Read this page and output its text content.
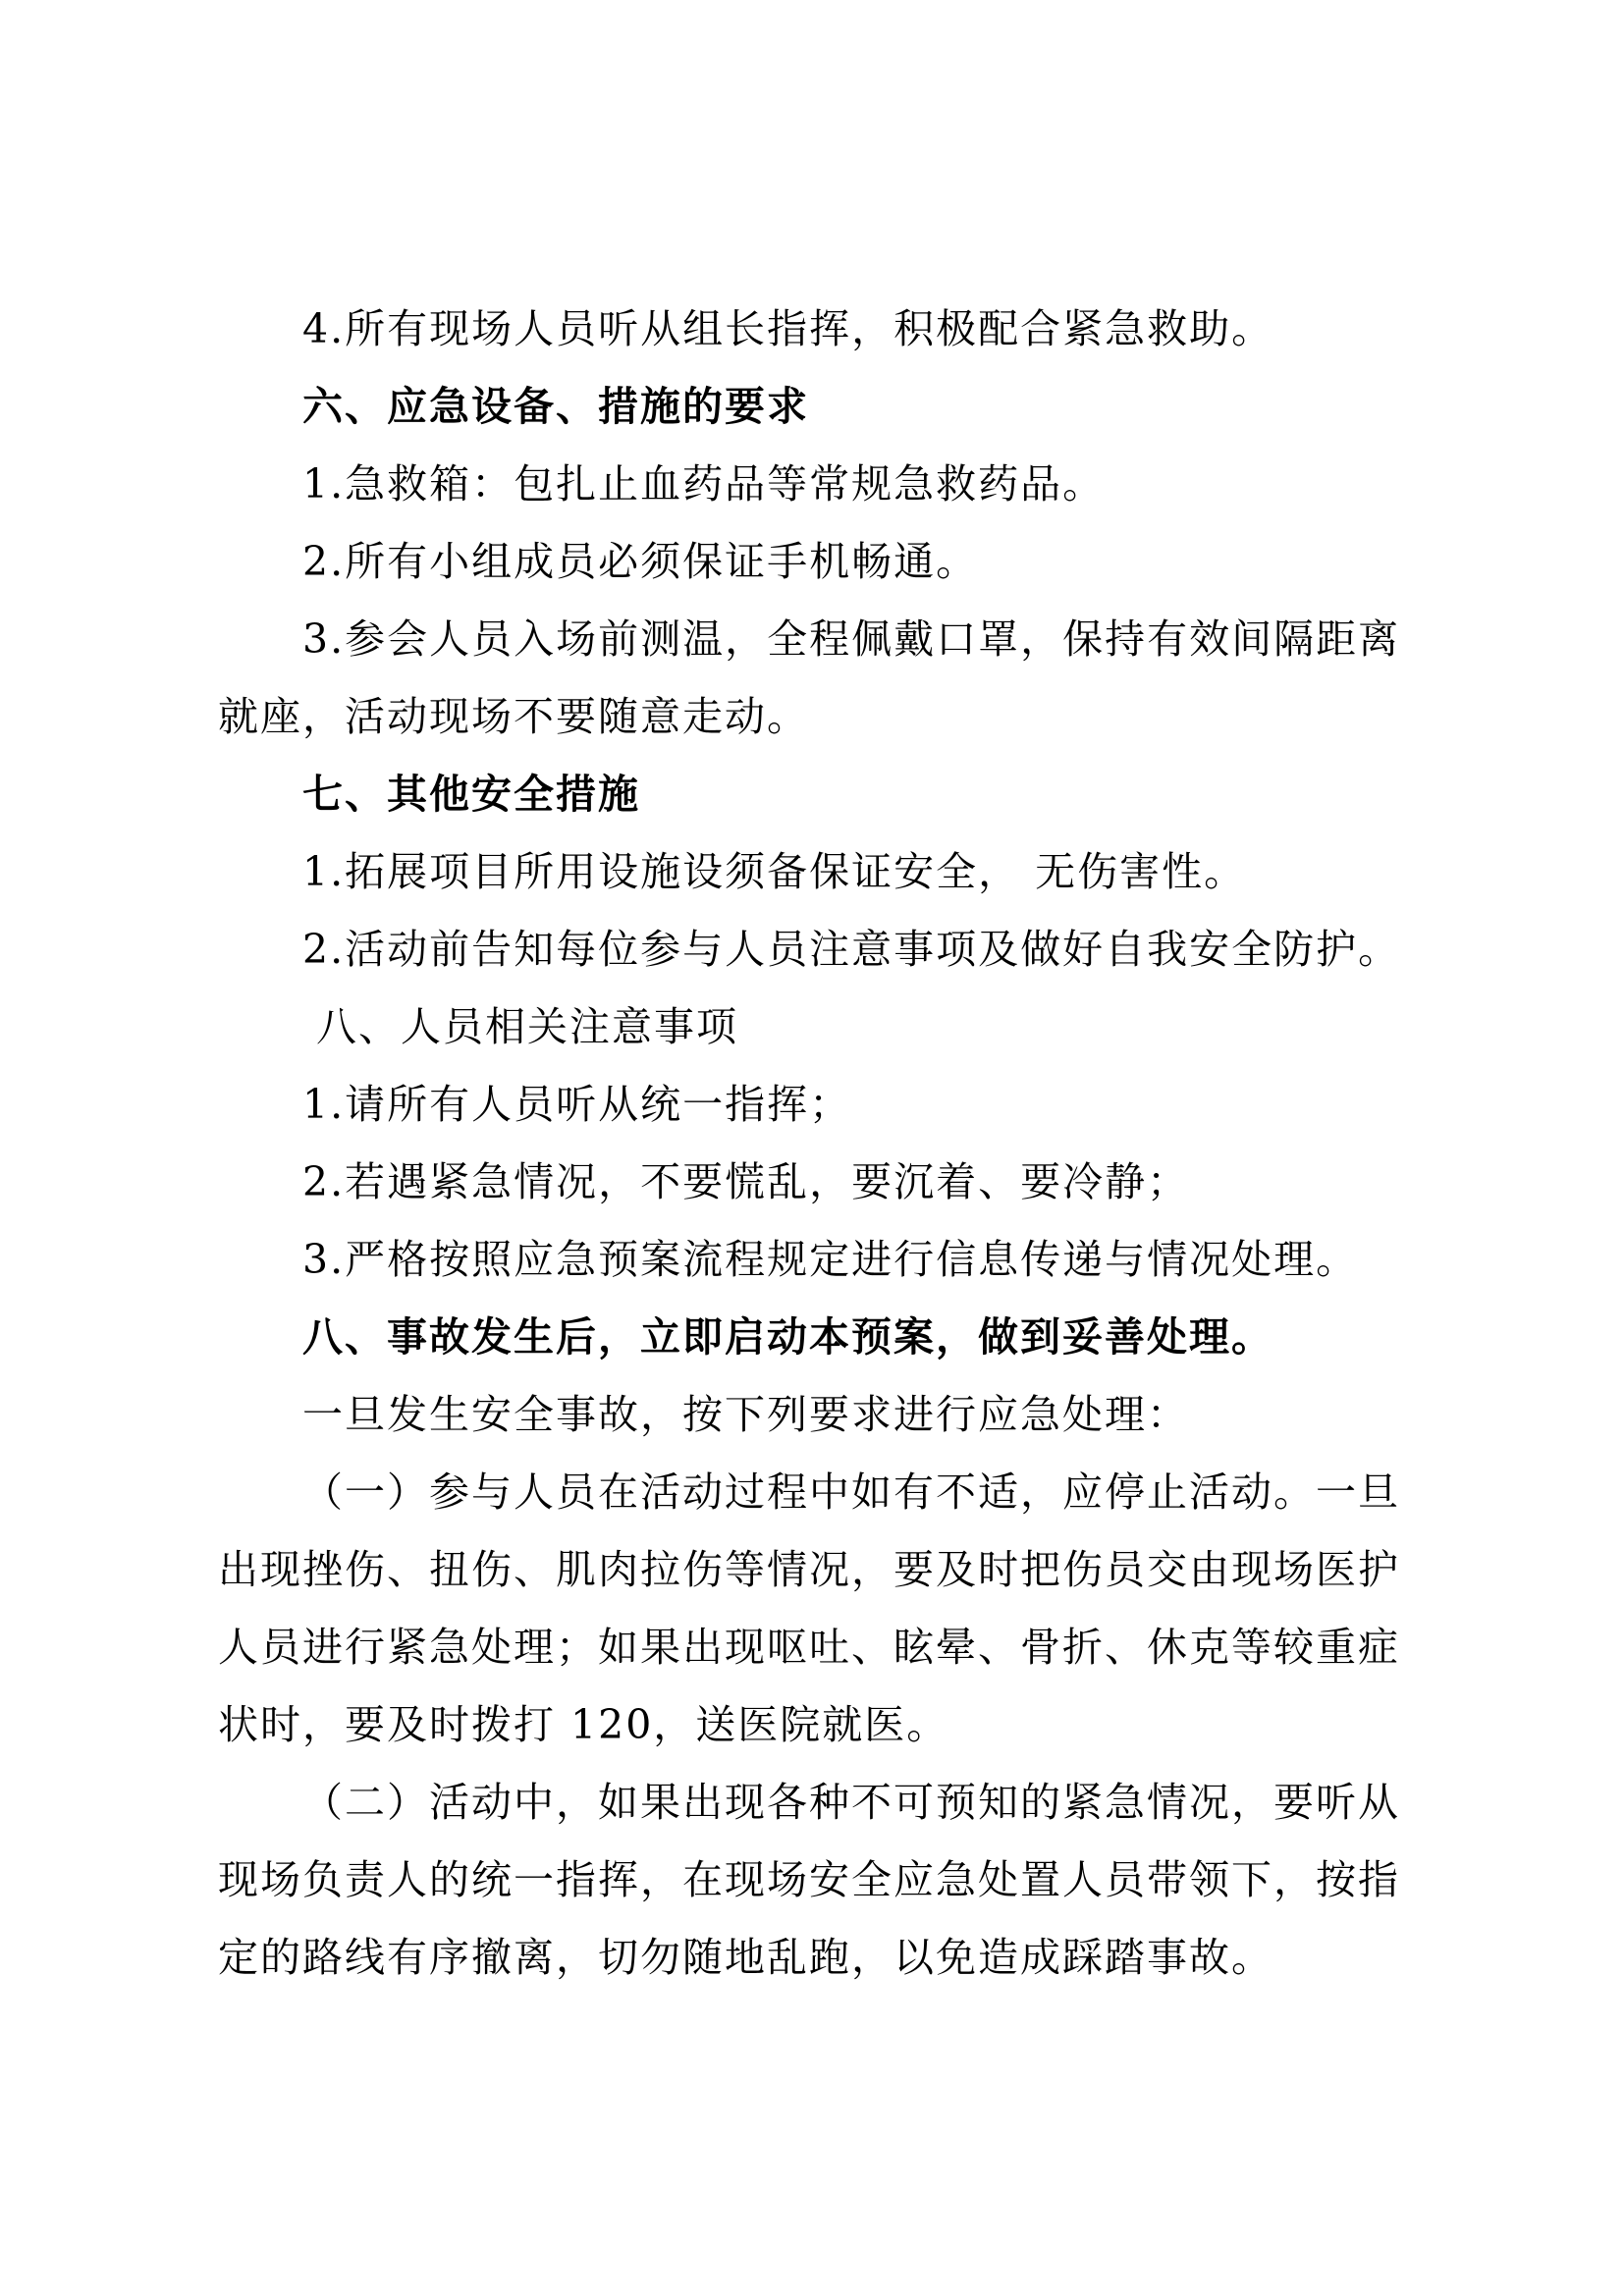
4.所有现场人员听从组长指挥，积极配合紧急救助。
六、应急设备、措施的要求
1.急救箱：包扎止血药品等常规急救药品。
2.所有小组成员必须保证手机畅通。
3.参会人员入场前测温，全程佩戴口罩，保持有效间隔距离
就座，活动现场不要随意走动。
七、其他安全措施
1.拓展项目所用设施设须备保证安全， 无伤害性。
2.活动前告知每位参与人员注意事项及做好自我安全防护。
八、人员相关注意事项
1.请所有人员听从统一指挥；
2.若遇紧急情况，不要慌乱，要沉着、要冷静；
3.严格按照应急预案流程规定进行信息传递与情况处理。
八、事故发生后，立即启动本预案，做到妥善处理。
一旦发生安全事故，按下列要求进行应急处理：
（一）参与人员在活动过程中如有不适，应停止活动。一旦
出现挫伤、扭伤、肌肉拉伤等情况，要及时把伤员交由现场医护
人员进行紧急处理；如果出现呕吐、眩晕、骨折、休克等较重症
状时，要及时拨打 120，送医院就医。
（二）活动中，如果出现各种不可预知的紧急情况，要听从
现场负责人的统一指挥，在现场安全应急处置人员带领下，按指
定的路线有序撤离，切勿随地乱跑，以免造成踩踏事故。
